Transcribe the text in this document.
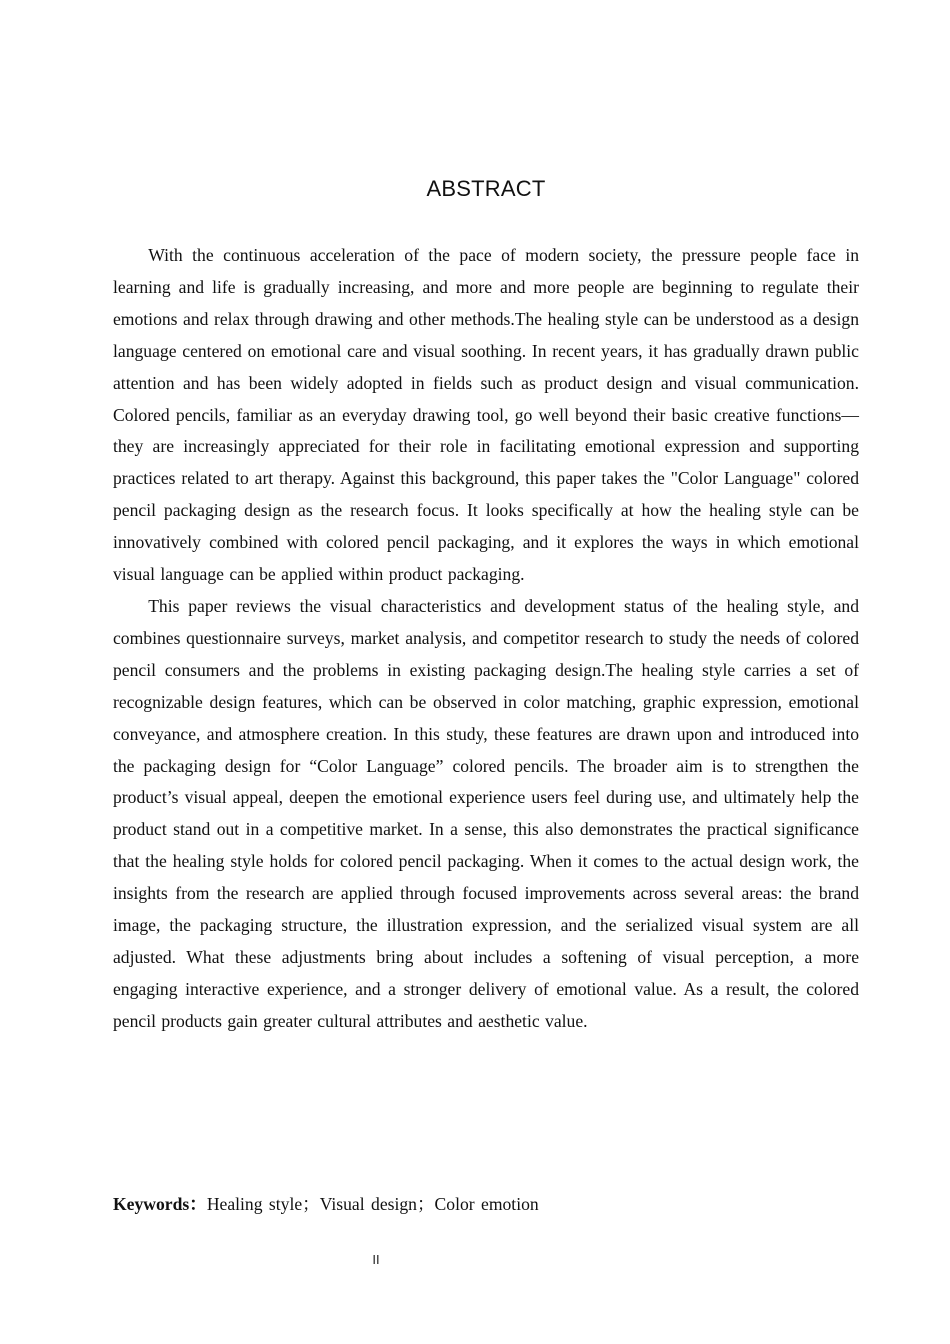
ABSTRACT

With the continuous acceleration of the pace of modern society, the pressure people face in learning and life is gradually increasing, and more and more people are beginning to regulate their emotions and relax through drawing and other methods.The healing style can be understood as a design language centered on emotional care and visual soothing. In recent years, it has gradually drawn public attention and has been widely adopted in fields such as product design and visual communication. Colored pencils, familiar as an everyday drawing tool, go well beyond their basic creative functions— they are increasingly appreciated for their role in facilitating emotional expression and supporting practices related to art therapy. Against this background, this paper takes the "Color Language" colored pencil packaging design as the research focus. It looks specifically at how the healing style can be innovatively combined with colored pencil packaging, and it explores the ways in which emotional visual language can be applied within product packaging.

This paper reviews the visual characteristics and development status of the healing style, and combines questionnaire surveys, market analysis, and competitor research to study the needs of colored pencil consumers and the problems in existing packaging design.The healing style carries a set of recognizable design features, which can be observed in color matching, graphic expression, emotional conveyance, and atmosphere creation. In this study, these features are drawn upon and introduced into the packaging design for “Color Language” colored pencils. The broader aim is to strengthen the product’s visual appeal, deepen the emotional experience users feel during use, and ultimately help the product stand out in a competitive market. In a sense, this also demonstrates the practical significance that the healing style holds for colored pencil packaging. When it comes to the actual design work, the insights from the research are applied through focused improvements across several areas: the brand image, the packaging structure, the illustration expression, and the serialized visual system are all adjusted. What these adjustments bring about includes a softening of visual perception, a more engaging interactive experience, and a stronger delivery of emotional value. As a result, the colored pencil products gain greater cultural attributes and aesthetic value.

Keywords：Healing style；Visual design；Color emotion
II
